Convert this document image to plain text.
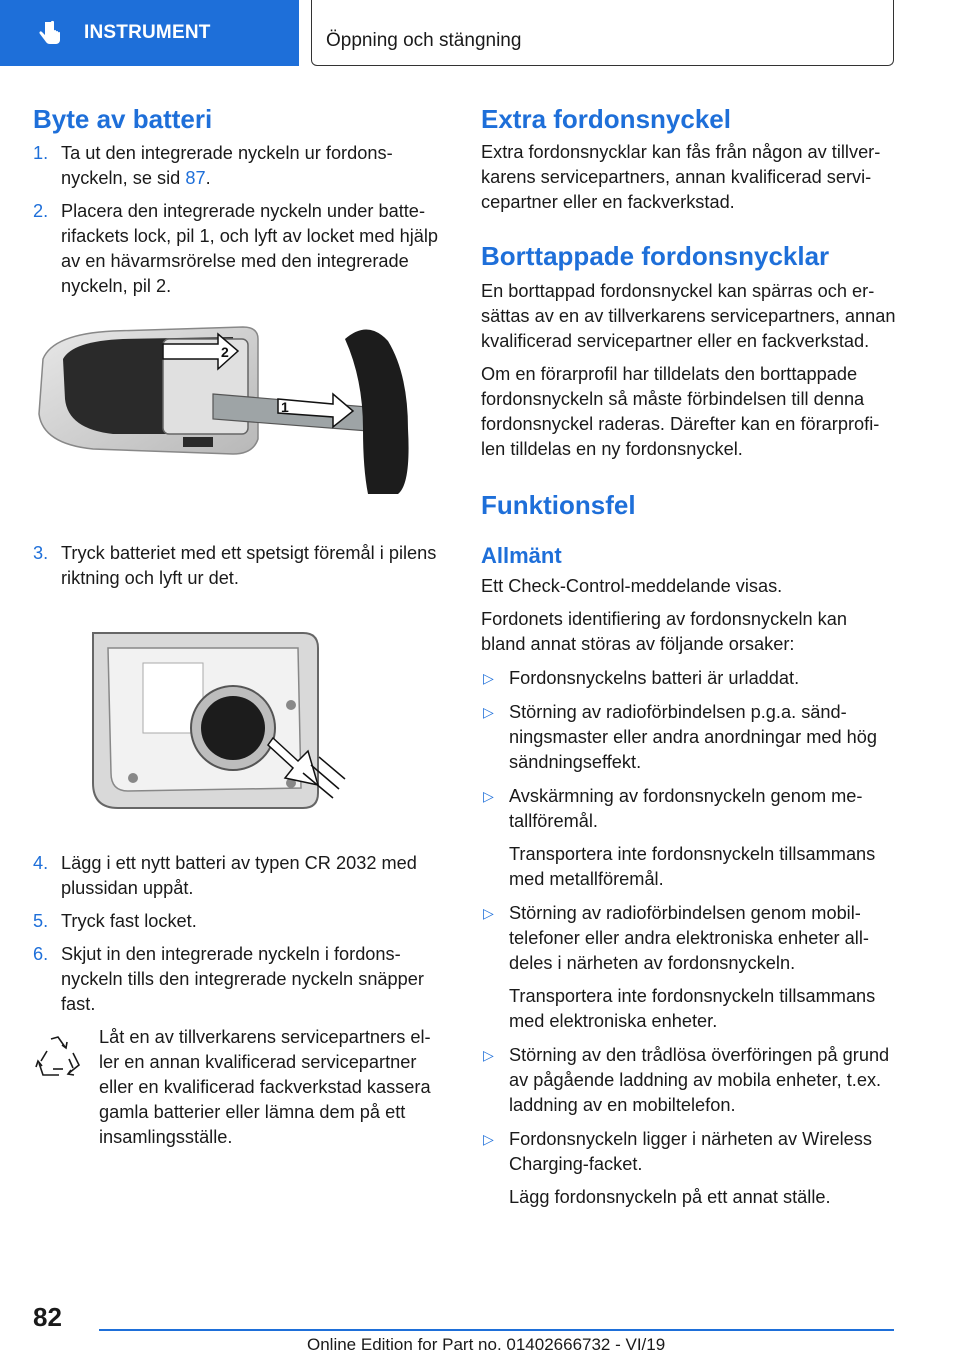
INSTRUMENT	Öppning och stängning
Byte av batteri
1. Ta ut den integrerade nyckeln ur fordonsnyckeln, se sid 87.
2. Placera den integrerade nyckeln under batterifackets lock, pil 1, och lyft av locket med hjälp av en hävarmsrörelse med den integrerade nyckeln, pil 2.
2
1
3. Tryck batteriet med ett spetsigt föremål i pilens riktning och lyft ur det.
4. Lägg i ett nytt batteri av typen CR 2032 med plussidan uppåt.
5. Tryck fast locket.
6. Skjut in den integrerade nyckeln i fordonsnyckeln tills den integrerade nyckeln snäpper fast.
Låt en av tillverkarens servicepartners eller en annan kvalificerad servicepartner eller en kvalificerad fackverkstad kassera gamla batterier eller lämna dem på ett insamlingsställe.
Extra fordonsnyckel

Extra fordonsnycklar kan fås från någon av tillverkarens servicepartners, annan kvalificerad servicepartner eller en fackverkstad.

Borttappade fordonsnycklar

En borttappad fordonsnyckel kan spärras och ersättas av en av tillverkarens servicepartners, annan kvalificerad servicepartner eller en fackverkstad.

Om en förarprofil har tilldelats den borttappade fordonsnyckeln så måste förbindelsen till denna fordonsnyckel raderas. Därefter kan en förarprofilen tilldelas en ny fordonsnyckel.

Funktionsfel
Allmänt

Ett Check-Control-meddelande visas.

Fordonets identifiering av fordonsnyckeln kan bland annat störas av följande orsaker:

▷ Fordonsnyckelns batteri är urladdat.
▷ Störning av radioförbindelsen p.g.a. sändningsmaster eller andra anordningar med hög sändningseffekt.
▷ Avskärmning av fordonsnyckeln genom metallföremål.
Transportera inte fordonsnyckeln tillsammans med metallföremål.
▷ Störning av radioförbindelsen genom mobiltelefoner eller andra elektroniska enheter alldeles i närheten av fordonsnyckeln.
Transportera inte fordonsnyckeln tillsammans med elektroniska enheter.
▷ Störning av den trådlösa överföringen på grund av pågående laddning av mobila enheter, t.ex. laddning av en mobiltelefon.
▷ Fordonsnyckeln ligger i närheten av Wireless Charging-facket.
Lägg fordonsnyckeln på ett annat ställe.
82
Online Edition for Part no. 01402666732 - VI/19
